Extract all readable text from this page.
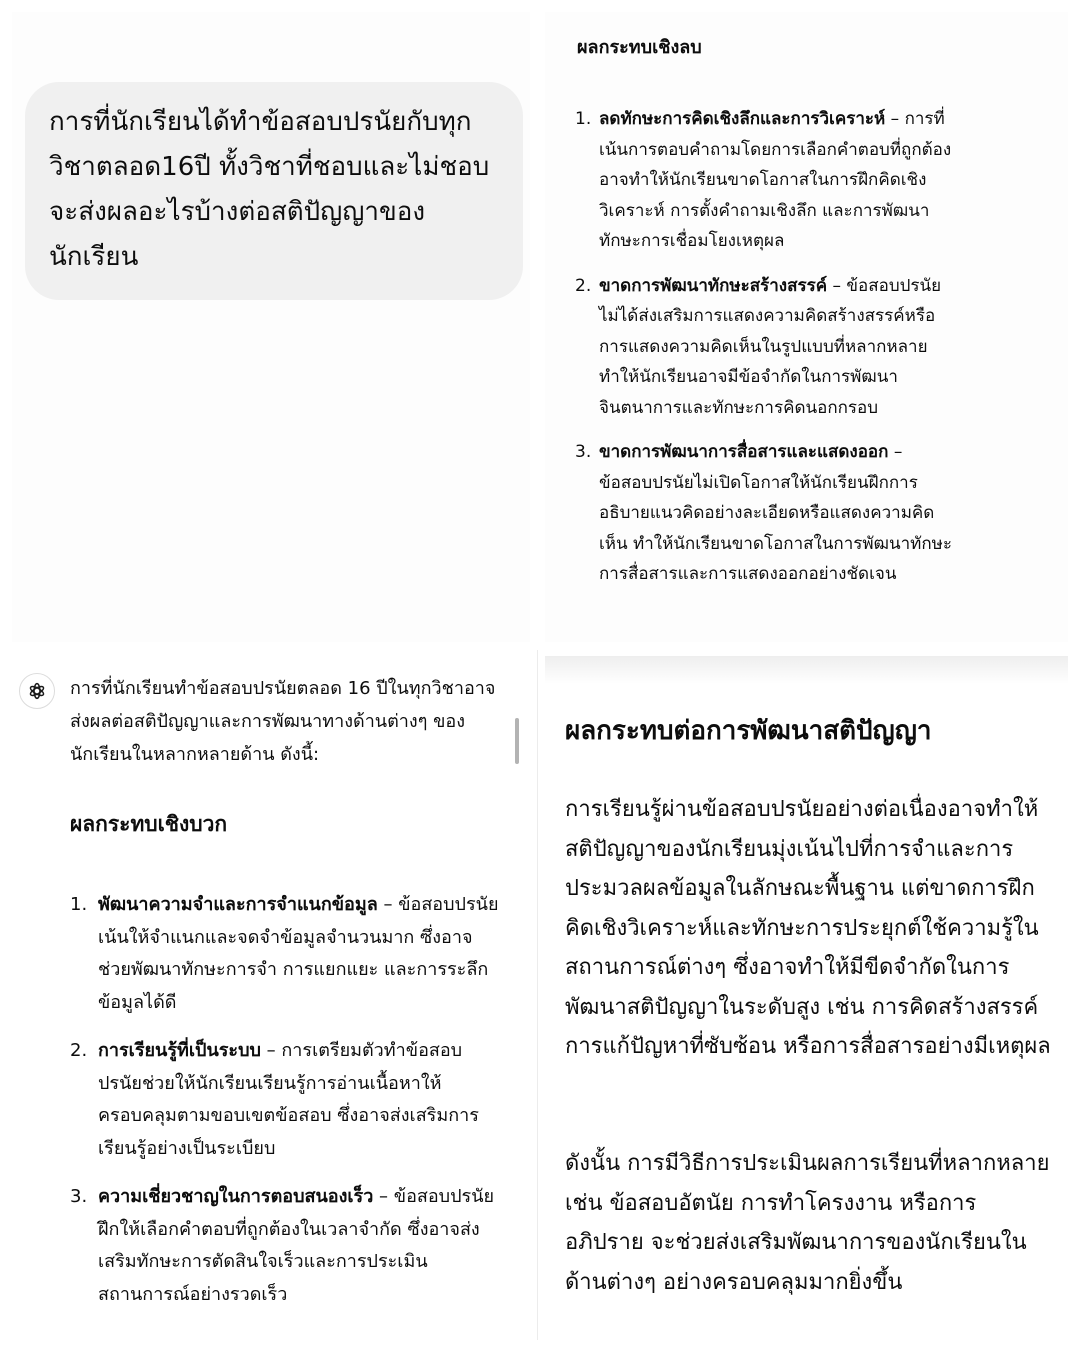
การที่นักเรียนได้ทำข้อสอบปรนัยกับทุกวิชาตลอด16ปี ทั้งวิชาที่ชอบและไม่ชอบ จะส่งผลอะไรบ้างต่อสติปัญญาของนักเรียน
ผลกระทบเชิงลบ
1. ลดทักษะการคิดเชิงลึกและการวิเคราะห์ – การที่เน้นการตอบคำถามโดยการเลือกคำตอบที่ถูกต้อง อาจทำให้นักเรียนขาดโอกาสในการฝึกคิดเชิงวิเคราะห์ การตั้งคำถามเชิงลึก และการพัฒนาทักษะการเชื่อมโยงเหตุผล
2. ขาดการพัฒนาทักษะสร้างสรรค์ – ข้อสอบปรนัยไม่ได้ส่งเสริมการแสดงความคิดสร้างสรรค์หรือการแสดงความคิดเห็นในรูปแบบที่หลากหลาย ทำให้นักเรียนอาจมีข้อจำกัดในการพัฒนาจินตนาการและทักษะการคิดนอกกรอบ
3. ขาดการพัฒนาการสื่อสารและแสดงออก – ข้อสอบปรนัยไม่เปิดโอกาสให้นักเรียนฝึกการอธิบายแนวคิดอย่างละเอียดหรือแสดงความคิดเห็น ทำให้นักเรียนขาดโอกาสในการพัฒนาทักษะการสื่อสารและการแสดงออกอย่างชัดเจน
การที่นักเรียนทำข้อสอบปรนัยตลอด 16 ปีในทุกวิชาอาจส่งผลต่อสติปัญญาและการพัฒนาทางด้านต่างๆ ของนักเรียนในหลากหลายด้าน ดังนี้:
ผลกระทบเชิงบวก
1. พัฒนาความจำและการจำแนกข้อมูล – ข้อสอบปรนัยเน้นให้จำแนกและจดจำข้อมูลจำนวนมาก ซึ่งอาจช่วยพัฒนาทักษะการจำ การแยกแยะ และการระลึกข้อมูลได้ดี
2. การเรียนรู้ที่เป็นระบบ – การเตรียมตัวทำข้อสอบปรนัยช่วยให้นักเรียนเรียนรู้การอ่านเนื้อหาให้ครอบคลุมตามขอบเขตข้อสอบ ซึ่งอาจส่งเสริมการเรียนรู้อย่างเป็นระเบียบ
3. ความเชี่ยวชาญในการตอบสนองเร็ว – ข้อสอบปรนัยฝึกให้เลือกคำตอบที่ถูกต้องในเวลาจำกัด ซึ่งอาจส่งเสริมทักษะการตัดสินใจเร็วและการประเมินสถานการณ์อย่างรวดเร็ว
ผลกระทบต่อการพัฒนาสติปัญญา

การเรียนรู้ผ่านข้อสอบปรนัยอย่างต่อเนื่องอาจทำให้สติปัญญาของนักเรียนมุ่งเน้นไปที่การจำและการประมวลผลข้อมูลในลักษณะพื้นฐาน แต่ขาดการฝึกคิดเชิงวิเคราะห์และทักษะการประยุกต์ใช้ความรู้ในสถานการณ์ต่างๆ ซึ่งอาจทำให้มีขีดจำกัดในการพัฒนาสติปัญญาในระดับสูง เช่น การคิดสร้างสรรค์ การแก้ปัญหาที่ซับซ้อน หรือการสื่อสารอย่างมีเหตุผล

ดังนั้น การมีวิธีการประเมินผลการเรียนที่หลากหลาย เช่น ข้อสอบอัตนัย การทำโครงงาน หรือการอภิปราย จะช่วยส่งเสริมพัฒนาการของนักเรียนในด้านต่างๆ อย่างครอบคลุมมากยิ่งขึ้น
